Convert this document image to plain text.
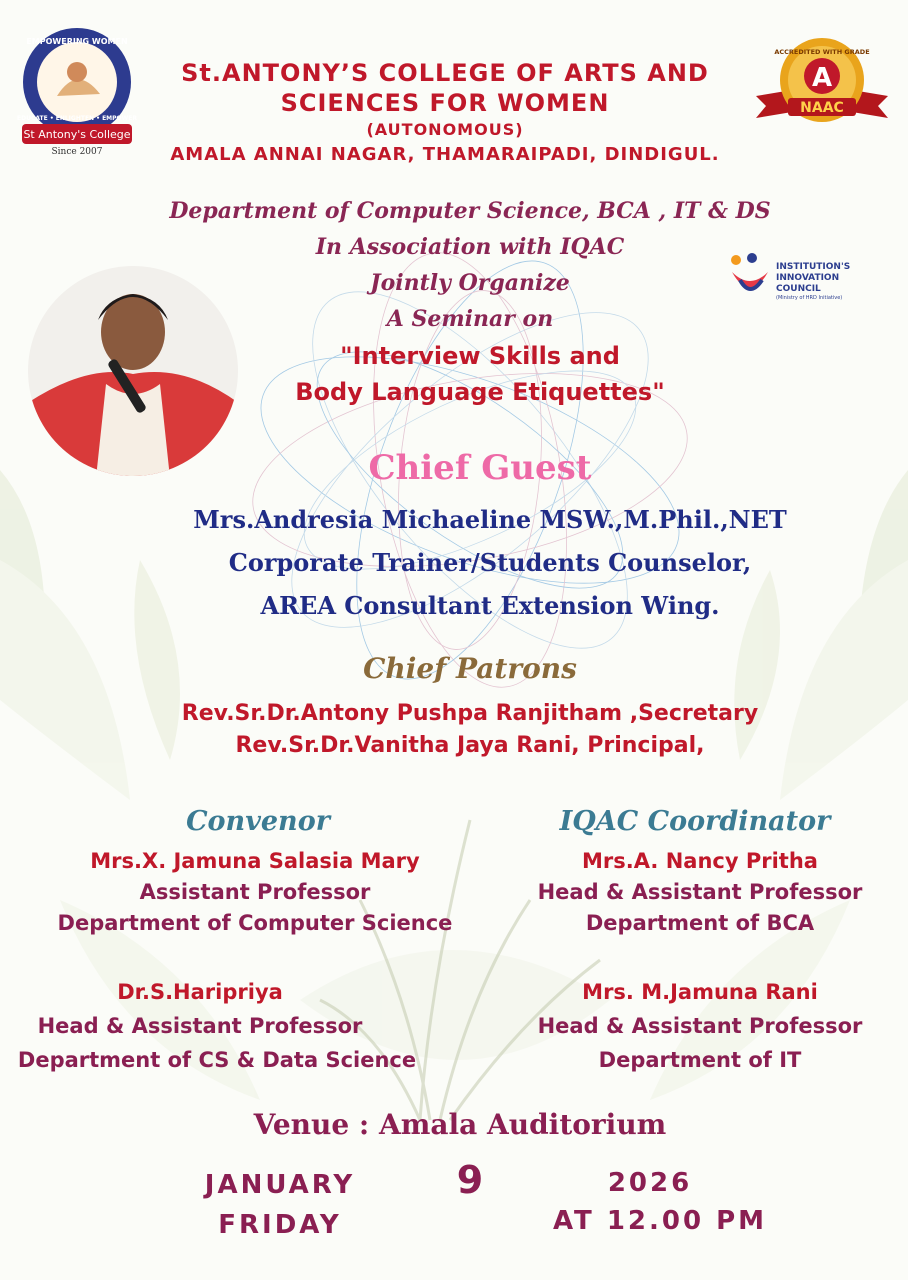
St Antony's College
Since 2007
EMPOWERING WOMEN
EDUCATE • ENLIGHTEN • EMPOWER
St.ANTONY’S COLLEGE OF ARTS AND
SCIENCES FOR WOMEN
(AUTONOMOUS)
AMALA ANNAI NAGAR, THAMARAIPADI, DINDIGUL.
A
ACCREDITED WITH GRADE
NAAC
Department of Computer Science, BCA , IT & DS
In Association with IQAC
Jointly Organize
A Seminar on
INSTITUTION'S
INNOVATION
COUNCIL
(Ministry of HRD Initiative)
"Interview Skills and
Body Language Etiquettes"
Chief Guest
Mrs.Andresia Michaeline MSW.,M.Phil.,NET
Corporate Trainer/Students Counselor,
AREA Consultant Extension Wing.
Chief Patrons
Rev.Sr.Dr.Antony Pushpa Ranjitham ,Secretary
Rev.Sr.Dr.Vanitha Jaya Rani, Principal,
Convenor
Mrs.X. Jamuna Salasia Mary
Assistant Professor
Department of Computer Science
IQAC Coordinator
Mrs.A. Nancy Pritha
Head & Assistant Professor
Department of BCA
Dr.S.Haripriya
Head & Assistant Professor
Department of CS & Data Science
Mrs. M.Jamuna Rani
Head & Assistant Professor
Department of IT
Venue : Amala Auditorium
JANUARY
FRIDAY
9	2026
AT 12.00 PM
